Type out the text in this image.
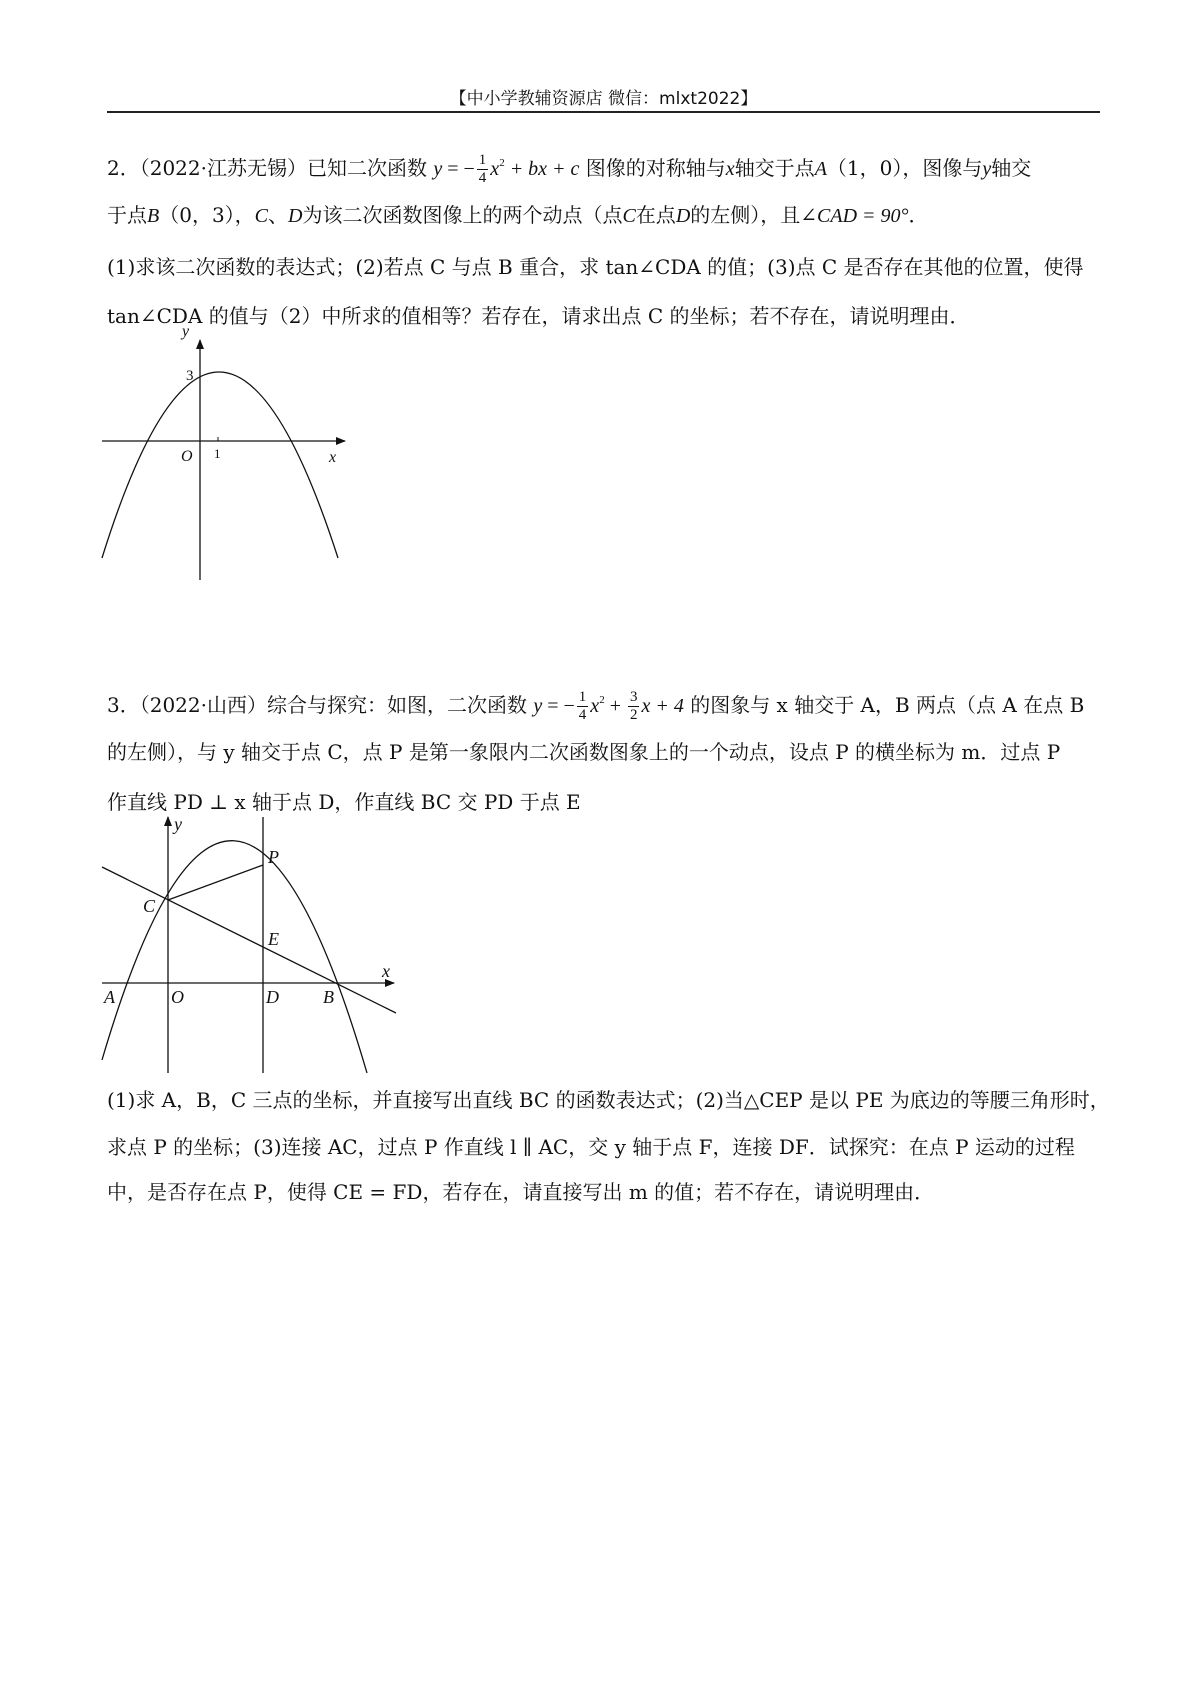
【中小学教辅资源店 微信：mlxt2022】
2．（2022·江苏无锡）已知二次函数 y = − $\frac{1}{4} x^2$ + bx + c 图像的对称轴与x轴交于点A（1，0），图像与y轴交
于点B（0，3），C、D为该二次函数图像上的两个动点（点C在点D的左侧），且∠CAD = 90°．
(1)求该二次函数的表达式；(2)若点 C 与点 B 重合，求 tan∠CDA 的值；(3)点 C 是否存在其他的位置，使得
tan∠CDA 的值与（2）中所求的值相等？若存在，请求出点 C 的坐标；若不存在，请说明理由．
y
3
O 1	x
3．（2022·山西）综合与探究：如图，二次函数 y = − $\frac{1}{4} x^2 + \frac{3}{2}$ x + 4 的图象与 x 轴交于 A，B 两点（点 A 在点 B
的左侧），与 y 轴交于点 C，点 P 是第一象限内二次函数图象上的一个动点，设点 P 的横坐标为 m．过点 P
作直线 PD ⊥ x 轴于点 D，作直线 BC 交 PD 于点 E
y
x
P
C
E
A	O	D B
(1)求 A，B，C 三点的坐标，并直接写出直线 BC 的函数表达式；(2)当△CEP 是以 PE 为底边的等腰三角形时，
求点 P 的坐标；(3)连接 AC，过点 P 作直线 l ∥ AC，交 y 轴于点 F，连接 DF．试探究：在点 P 运动的过程
中，是否存在点 P，使得 CE = FD，若存在，请直接写出 m 的值；若不存在，请说明理由．
